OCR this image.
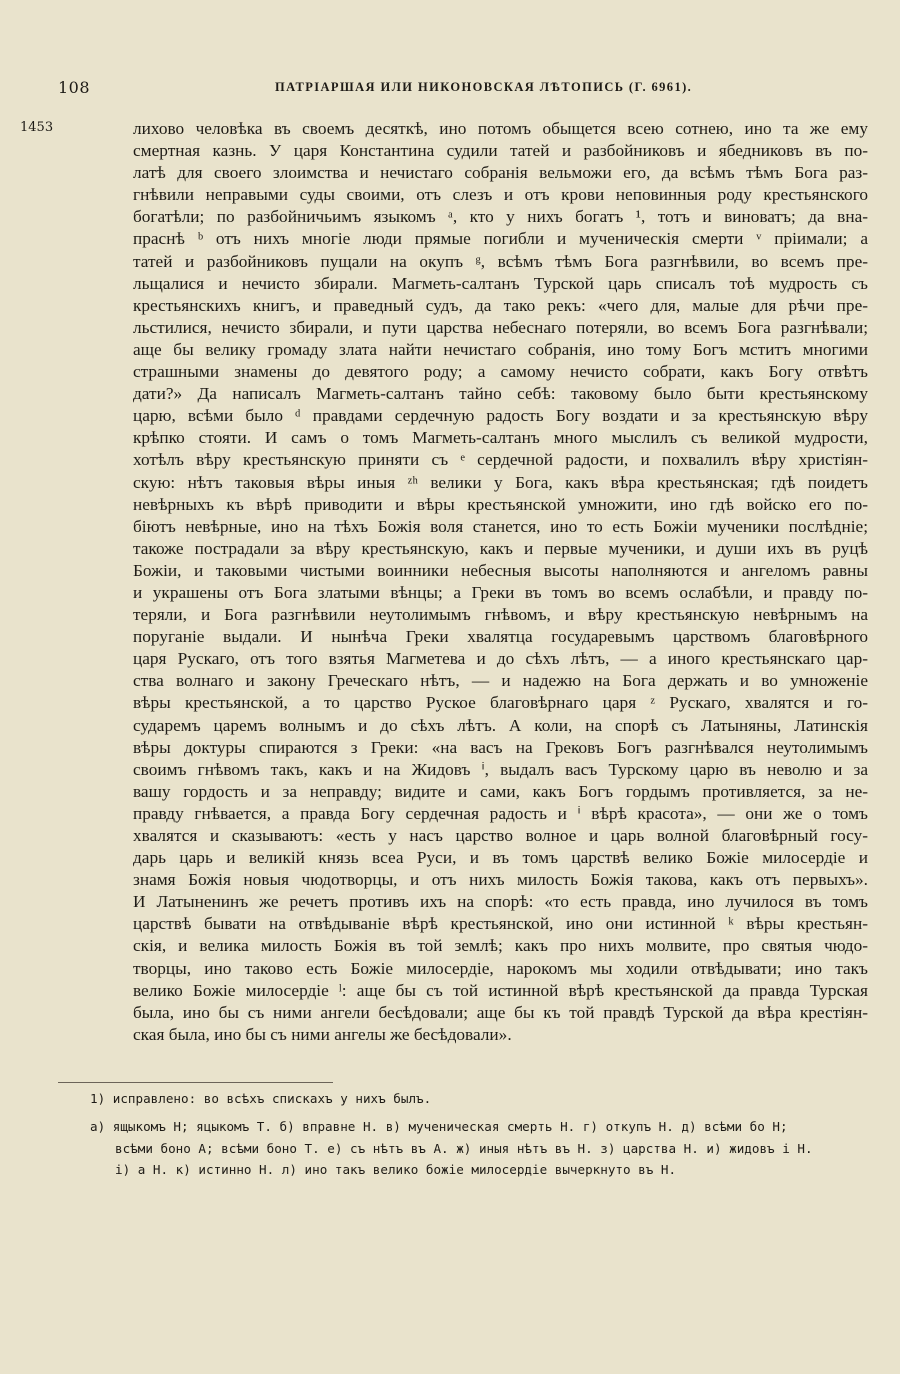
108	ПАТРІАРШАЯ ИЛИ НИКОНОВСКАЯ ЛѢТОПИСЬ (Г. 6961).
1453	лихово человѣка въ своемъ десяткѣ, ино потомъ обыщется всею сотнею, ино та же ему
смертная казнь. У царя Константина судили татей и разбойниковъ и ябедниковъ въ по-
латѣ для своего злоимства и нечистаго собранія вельможи его, да всѣмъ тѣмъ Бога раз-
гнѣвили неправыми суды своими, отъ слезъ и отъ крови неповинныя роду крестьянского
богатѣли; по разбойничьимъ языкомъ ᵃ, кто у нихъ богатъ ¹, тотъ и виноватъ; да вна-
праснѣ ᵇ отъ нихъ многіе люди прямые погибли и мученическія смерти ᵛ пріимали; а
татей и разбойниковъ пущали на окупъ ᵍ, всѣмъ тѣмъ Бога разгнѣвили, во всемъ пре-
льщалися и нечисто збирали. Магметь-салтанъ Турской царь списалъ тоѣ мудрость съ
крестьянскихъ книгъ, и праведный судъ, да тако рекъ: «чего для, малые для рѣчи пре-
льстилися, нечисто збирали, и пути царства небеснаго потеряли, во всемъ Бога разгнѣвали;
аще бы велику громаду злата найти нечистаго собранія, ино тому Богъ мститъ многими
страшными знамены до девятого роду; а самому нечисто собрати, какъ Богу отвѣтъ
дати?» Да написалъ Магметь-салтанъ тайно себѣ: таковому было быти крестьянскому
царю, всѣми было ᵈ правдами сердечную радость Богу воздати и за крестьянскую вѣру
крѣпко стояти. И самъ о томъ Магметь-салтанъ много мыслилъ съ великой мудрости,
хотѣлъ вѣру крестьянскую приняти съ ᵉ сердечной радости, и похвалилъ вѣру христіян-
скую: нѣтъ таковыя вѣры иныя ᶻʰ велики у Бога, какъ вѣра крестьянская; гдѣ поидетъ
невѣрныхъ къ вѣрѣ приводити и вѣры крестьянской умножити, ино гдѣ войско его по-
біютъ невѣрные, ино на тѣхъ Божія воля станется, ино то есть Божіи мученики послѣдніе;
такоже пострадали за вѣру крестьянскую, какъ и первые мученики, и души ихъ въ руцѣ
Божіи, и таковыми чистыми воинники небесныя высоты наполняются и ангеломъ равны
и украшены отъ Бога златыми вѣнцы; а Греки въ томъ во всемъ ослабѣли, и правду по-
теряли, и Бога разгнѣвили неутолимымъ гнѣвомъ, и вѣру крестьянскую невѣрнымъ на
поруганіе выдали. И нынѣча Греки хвалятца государевымъ царствомъ благовѣрного
царя Рускаго, отъ того взятья Магметева и до сѣхъ лѣтъ, — а иного крестьянскаго цар-
ства волнаго и закону Греческаго нѣтъ, — и надежю на Бога держать и во умноженіе
вѣры крестьянской, а то царство Руское благовѣрнаго царя ᶻ Рускаго, хвалятся и го-
сударемъ царемъ волнымъ и до сѣхъ лѣтъ. А коли, на спорѣ съ Латыняны, Латинскія
вѣры доктуры спираются з Греки: «на васъ на Грековъ Богъ разгнѣвался неутолимымъ
своимъ гнѣвомъ такъ, какъ и на Жидовъ ⁱ, выдалъ васъ Турскому царю въ неволю и за
вашу гордость и за неправду; видите и сами, какъ Богъ гордымъ противляется, за не-
правду гнѣвается, а правда Богу сердечная радость и ⁱ вѣрѣ красота», — они же о томъ
хвалятся и сказываютъ: «есть у насъ царство волное и царь волной благовѣрный госу-
дарь царь и великій князь всеа Руси, и въ томъ царствѣ велико Божіе милосердіе и
знамя Божія новыя чюдотворцы, и отъ нихъ милость Божія такова, какъ отъ первыхъ».
И Латыненинъ же речетъ противъ ихъ на спорѣ: «то есть правда, ино лучилося въ томъ
царствѣ бывати на отвѣдываніе вѣрѣ крестьянской, ино они истинной ᵏ вѣры крестьян-
скія, и велика милость Божія въ той землѣ; какъ про нихъ молвите, про святыя чюдо-
творцы, ино таково есть Божіе милосердіе, нарокомъ мы ходили отвѣдывати; ино такъ
велико Божіе милосердіе ˡ: аще бы съ той истинной вѣрѣ крестьянской да правда Турская
была, ино бы съ ними ангели бесѣдовали; аще бы къ той правдѣ Турской да вѣра крестіян-
ская была, ино бы съ ними ангелы же бесѣдовали».
1) исправлено: во всѣхъ спискахъ у нихъ былъ.
а) ящыкомъ Н; яцыкомъ Т. б) вправне Н. в) мученическая смерть Н. г) откупъ Н. д) всѣми бо Н;
всѣми боно А; всѣми боно Т. е) съ нѣтъ въ А. ж) иныя нѣтъ въ Н. з) царства Н. и) жидовъ і Н.
і) а Н. к) истинно Н. л) ино такъ велико божіе милосердіе вычеркнуто въ Н.
